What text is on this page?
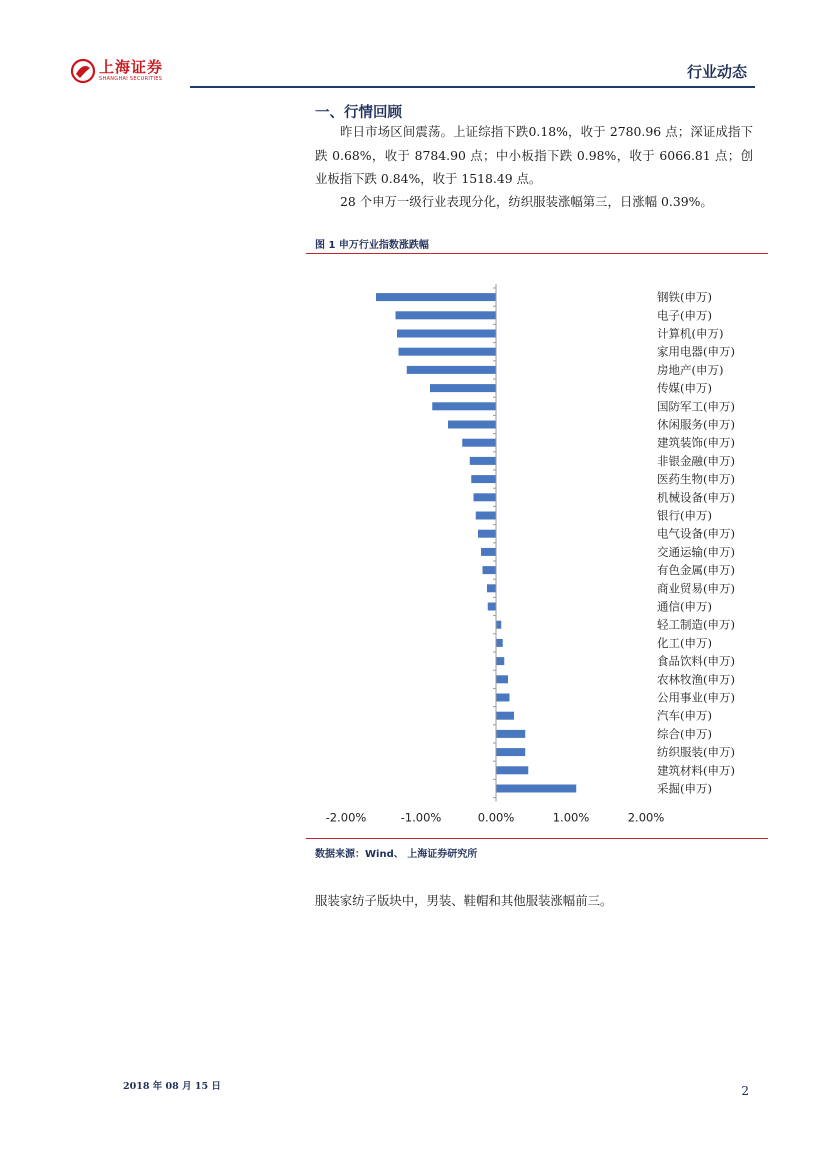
上海证券
SHANGHAI SECURITIES	行业动态
一、行情回顾
昨日市场区间震荡。上证综指下跌0.18%，收于 2780.96 点；深证成指下跌 0.68%，收于 8784.90 点；中小板指下跌 0.98%，收于 6066.81 点；创业板指下跌 0.84%，收于 1518.49 点。
28 个申万一级行业表现分化，纺织服装涨幅第三，日涨幅 0.39%。
图 1 申万行业指数涨跌幅
钢铁(申万)
电子(申万)
计算机(申万)
家用电器(申万)
房地产(申万)
传媒(申万)
国防军工(申万)
休闲服务(申万)
建筑装饰(申万)
非银金融(申万)
医药生物(申万)
机械设备(申万)
银行(申万)
电气设备(申万)
交通运输(申万)
有色金属(申万)
商业贸易(申万)
通信(申万)
轻工制造(申万)
化工(申万)
食品饮料(申万)
农林牧渔(申万)
公用事业(申万)
汽车(申万)
综合(申万)
纺织服装(申万)
建筑材料(申万)
采掘(申万)
-2.00%	-1.00%	0.00%	1.00%	2.00%
数据来源：Wind、 上海证券研究所
服装家纺子版块中，男装、鞋帽和其他服装涨幅前三。
2018 年 08 月 15 日	2
